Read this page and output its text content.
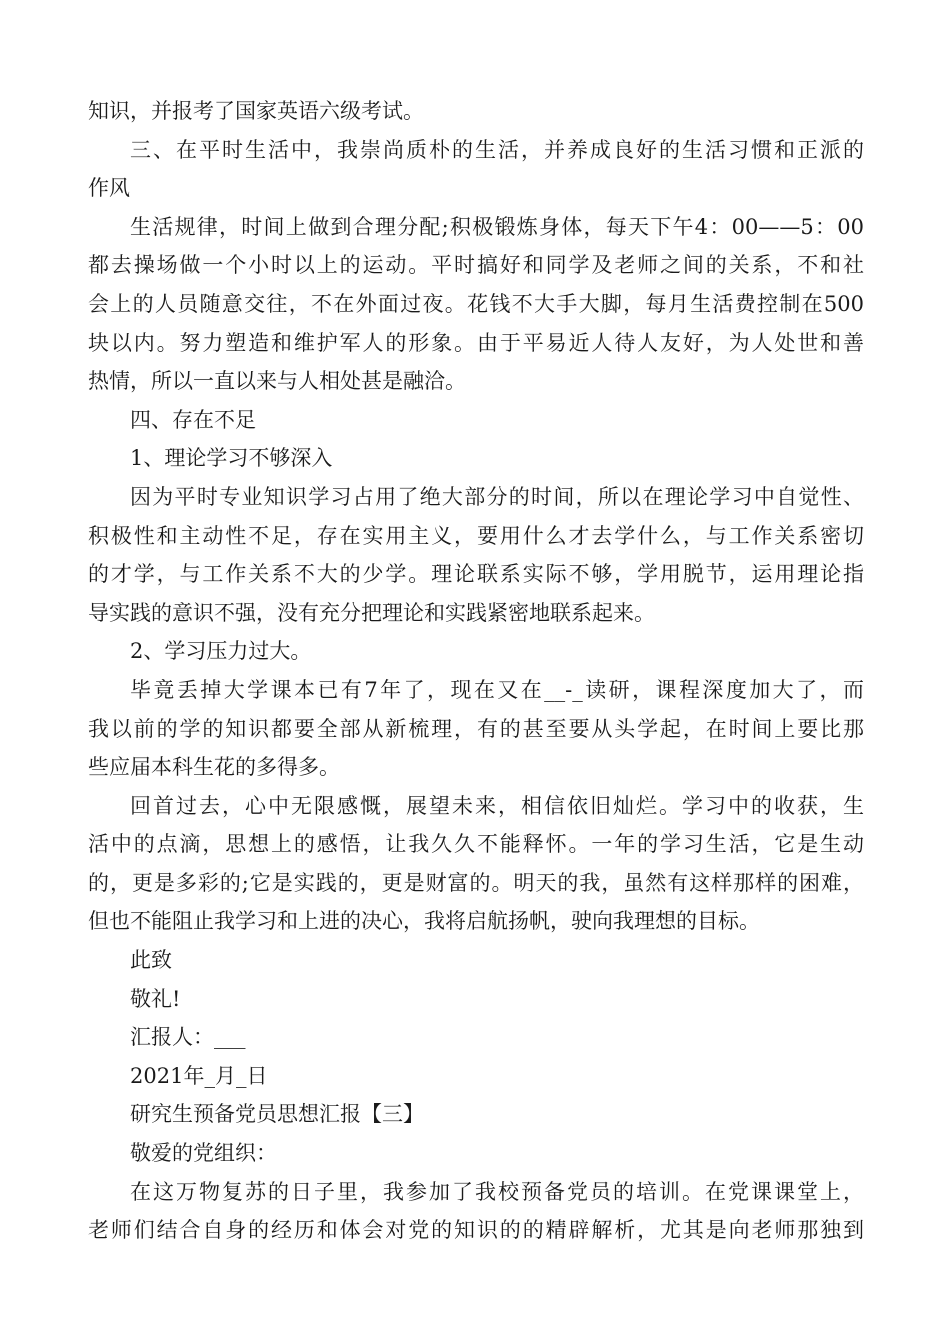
知识，并报考了国家英语六级考试。
三、在平时生活中，我崇尚质朴的生活，并养成良好的生活习惯和正派的
作风
生活规律，时间上做到合理分配;积极锻炼身体，每天下午4：00——5：00
都去操场做一个小时以上的运动。平时搞好和同学及老师之间的关系，不和社
会上的人员随意交往，不在外面过夜。花钱不大手大脚，每月生活费控制在500
块以内。努力塑造和维护军人的形象。由于平易近人待人友好，为人处世和善
热情，所以一直以来与人相处甚是融洽。
四、存在不足
1、理论学习不够深入
因为平时专业知识学习占用了绝大部分的时间，所以在理论学习中自觉性、
积极性和主动性不足，存在实用主义，要用什么才去学什么，与工作关系密切
的才学，与工作关系不大的少学。理论联系实际不够，学用脱节，运用理论指
导实践的意识不强，没有充分把理论和实践紧密地联系起来。
2、学习压力过大。
毕竟丢掉大学课本已有7年了，现在又在__-_读研，课程深度加大了，而
我以前的学的知识都要全部从新梳理，有的甚至要从头学起，在时间上要比那
些应届本科生花的多得多。
回首过去，心中无限感慨，展望未来，相信依旧灿烂。学习中的收获，生
活中的点滴，思想上的感悟，让我久久不能释怀。一年的学习生活，它是生动
的，更是多彩的;它是实践的，更是财富的。明天的我，虽然有这样那样的困难，
但也不能阻止我学习和上进的决心，我将启航扬帆，驶向我理想的目标。
此致
敬礼!
汇报人：___
2021年_月_日
研究生预备党员思想汇报【三】
敬爱的党组织：
在这万物复苏的日子里，我参加了我校预备党员的培训。在党课课堂上，
老师们结合自身的经历和体会对党的知识的的精辟解析，尤其是向老师那独到
